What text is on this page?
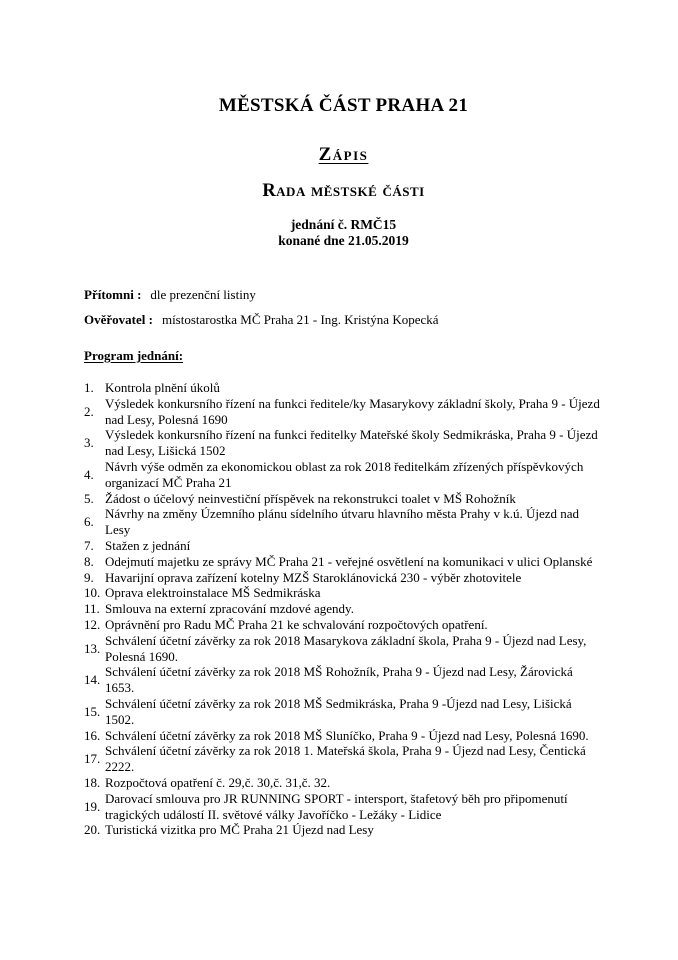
MĚSTSKÁ ČÁST PRAHA 21
Zápis
Rada městské části
jednání č. RMČ15
konané dne 21.05.2019
Přítomni : dle prezenční listiny
Ověřovatel : místostarostka MČ Praha 21 - Ing. Kristýna Kopecká
Program jednání:
1. Kontrola plnění úkolů
2.
Výsledek konkursního řízení na funkci ředitele/ky Masarykovy základní školy, Praha 9 - Újezd nad Lesy, Polesná 1690
3.
Výsledek konkursního řízení na funkci ředitelky Mateřské školy Sedmikráska, Praha 9 - Újezd nad Lesy, Lišická 1502
4.
Návrh výše odměn za ekonomickou oblast za rok 2018 ředitelkám zřízených příspěvkových organizací MČ Praha 21
5. Žádost o účelový neinvestiční příspěvek na rekonstrukci toalet v MŠ Rohožník
6.
Návrhy na změny Územního plánu sídelního útvaru hlavního města Prahy v k.ú. Újezd nad Lesy
7. Stažen z jednání
8. Odejmutí majetku ze správy MČ Praha 21 - veřejné osvětlení na komunikaci v ulici Oplanské
9. Havarijní oprava zařízení kotelny MZŠ Staroklánovická 230 - výběr zhotovitele
10. Oprava elektroinstalace MŠ Sedmikráska
11. Smlouva na externí zpracování mzdové agendy.
12. Oprávnění pro Radu MČ Praha 21 ke schvalování rozpočtových opatření.
13.
Schválení účetní závěrky za rok 2018 Masarykova základní škola, Praha 9 - Újezd nad Lesy, Polesná 1690.
14.
Schválení účetní závěrky za rok 2018 MŠ Rohožník, Praha 9 - Újezd nad Lesy, Žárovická 1653.
15.
Schválení účetní závěrky za rok 2018 MŠ Sedmikráska, Praha 9 -Újezd nad Lesy, Lišická 1502.
16. Schválení účetní závěrky za rok 2018 MŠ Sluníčko, Praha 9 - Újezd nad Lesy, Polesná 1690.
17.
Schválení účetní závěrky za rok 2018 1. Mateřská škola, Praha 9 - Újezd nad Lesy, Čentická 2222.
18. Rozpočtová opatření č. 29,č. 30,č. 31,č. 32.
19.
Darovací smlouva pro JR RUNNING SPORT - intersport, štafetový běh pro připomenutí tragických událostí II. světové války Javoříčko - Ležáky - Lidice
20. Turistická vizitka pro MČ Praha 21 Újezd nad Lesy
